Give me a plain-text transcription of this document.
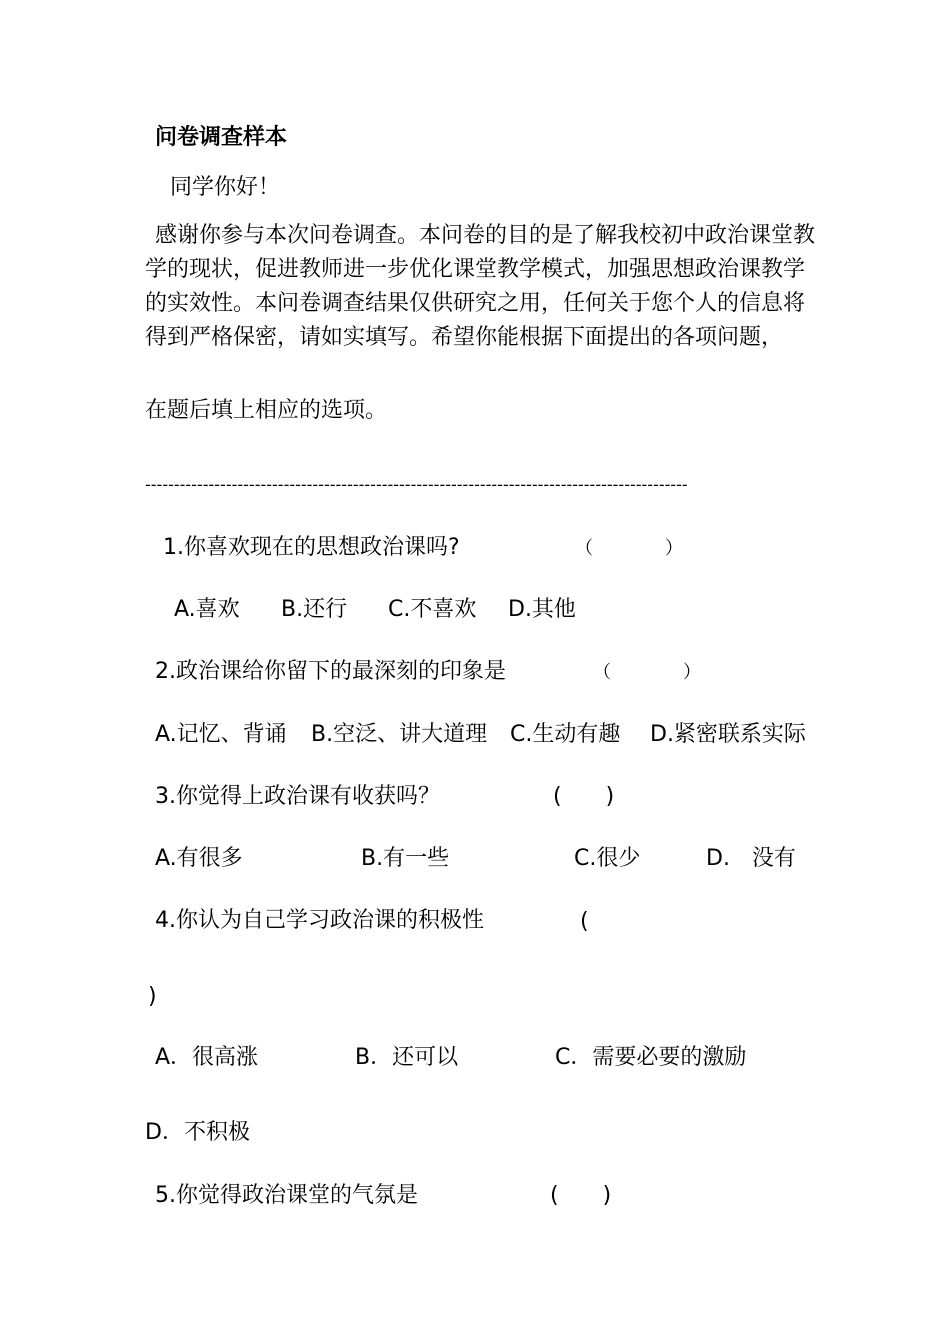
问卷调查样本
同学你好！

感谢你参与本次问卷调查。本问卷的目的是了解我校初中政治课堂教学的现状，促进教师进一步优化课堂教学模式，加强思想政治课教学的实效性。本问卷调查结果仅供研究之用，任何关于您个人的信息将得到严格保密，请如实填写。希望你能根据下面提出的各项问题，

在题后填上相应的选项。
----------------------------------------------------------------------------------------------
1.你喜欢现在的思想政治课吗?	（　　　　）
A.喜欢 B.还行 C.不喜欢 D.其他
2.政治课给你留下的最深刻的印象是	（　　　　）
A.记忆、背诵 B.空泛、讲大道理 C.生动有趣 D.紧密联系实际
3.你觉得上政治课有收获吗？	(　　)
A.有很多	B.有一些	C.很少	D.　没有
4.你认为自己学习政治课的积极性	(
)
A．很高涨	B．还可以	C．需要必要的激励
D．不积极
5.你觉得政治课堂的气氛是	(　　)
